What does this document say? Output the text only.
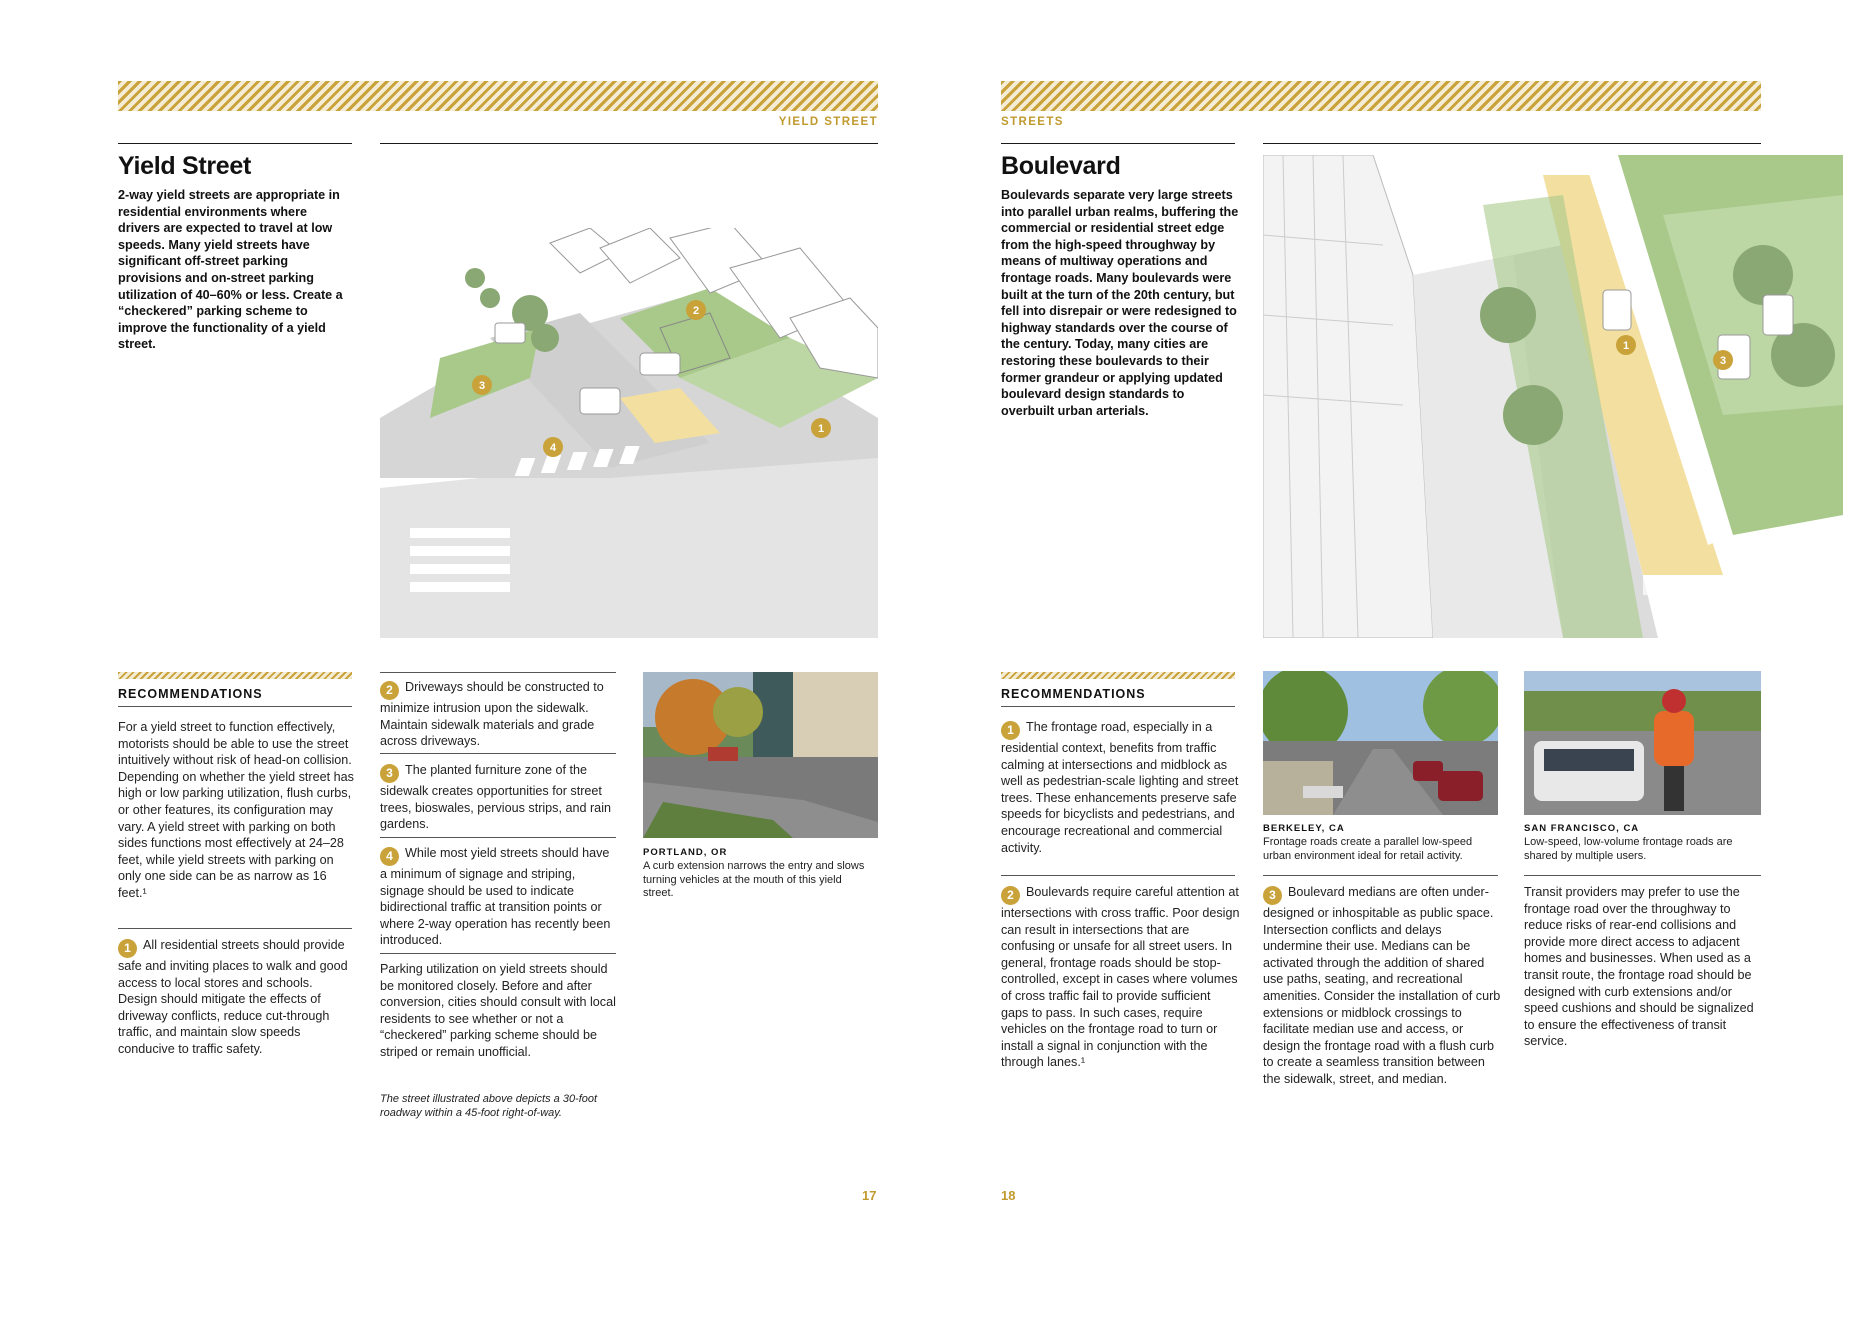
YIELD STREET
Yield Street
2-way yield streets are appropriate in residential environments where drivers are expected to travel at low speeds. Many yield streets have significant off-street parking provisions and on-street parking utilization of 40–60% or less. Create a “checkered” parking scheme to improve the functionality of a yield street.
1
2
3
4
RECOMMENDATIONS
For a yield street to function effectively, motorists should be able to use the street intuitively without risk of head-on collision. Depending on whether the yield street has high or low parking utilization, flush curbs, or other features, its configuration may vary. A yield street with parking on both sides functions most effectively at 24–28 feet, while yield streets with parking on only one side can be as narrow as 16 feet.¹
1 All residential streets should provide safe and inviting places to walk and good access to local stores and schools. Design should mitigate the effects of driveway conflicts, reduce cut-through traffic, and maintain slow speeds conducive to traffic safety.
2 Driveways should be constructed to minimize intrusion upon the sidewalk. Maintain sidewalk materials and grade across driveways.
3 The planted furniture zone of the sidewalk creates opportunities for street trees, bioswales, pervious strips, and rain gardens.
4 While most yield streets should have a minimum of signage and striping, signage should be used to indicate bidirectional traffic at transition points or where 2-way operation has recently been introduced.
Parking utilization on yield streets should be monitored closely. Before and after conversion, cities should consult with local residents to see whether or not a “checkered” parking scheme should be striped or remain unofficial.
The street illustrated above depicts a 30-foot roadway within a 45-foot right-of-way.
PORTLAND, OR
A curb extension narrows the entry and slows turning vehicles at the mouth of this yield street.
17
STREETS
Boulevard
Boulevards separate very large streets into parallel urban realms, buffering the commercial or residential street edge from the high-speed throughway by means of multiway operations and frontage roads. Many boulevards were built at the turn of the 20th century, but fell into disrepair or were redesigned to highway standards over the course of the century. Today, many cities are restoring these boulevards to their former grandeur or applying updated boulevard design standards to overbuilt urban arterials.
1
3
RECOMMENDATIONS
1 The frontage road, especially in a residential context, benefits from traffic calming at intersections and midblock as well as pedestrian-scale lighting and street trees. These enhancements preserve safe speeds for bicyclists and pedestrians, and encourage recreational and commercial activity.
2 Boulevards require careful attention at intersections with cross traffic. Poor design can result in intersections that are confusing or unsafe for all street users. In general, frontage roads should be stop-controlled, except in cases where volumes of cross traffic fail to provide sufficient gaps to pass. In such cases, require vehicles on the frontage road to turn or install a signal in conjunction with the through lanes.¹
BERKELEY, CA
Frontage roads create a parallel low-speed urban environment ideal for retail activity.
3 Boulevard medians are often under-designed or inhospitable as public space. Intersection conflicts and delays undermine their use. Medians can be activated through the addition of shared use paths, seating, and recreational amenities. Consider the installation of curb extensions or midblock crossings to facilitate median use and access, or design the frontage road with a flush curb to create a seamless transition between the sidewalk, street, and median.
SAN FRANCISCO, CA
Low-speed, low-volume frontage roads are shared by multiple users.
Transit providers may prefer to use the frontage road over the throughway to reduce risks of rear-end collisions and provide more direct access to adjacent homes and businesses. When used as a transit route, the frontage road should be designed with curb extensions and/or speed cushions and should be signalized to ensure the effectiveness of transit service.
18
